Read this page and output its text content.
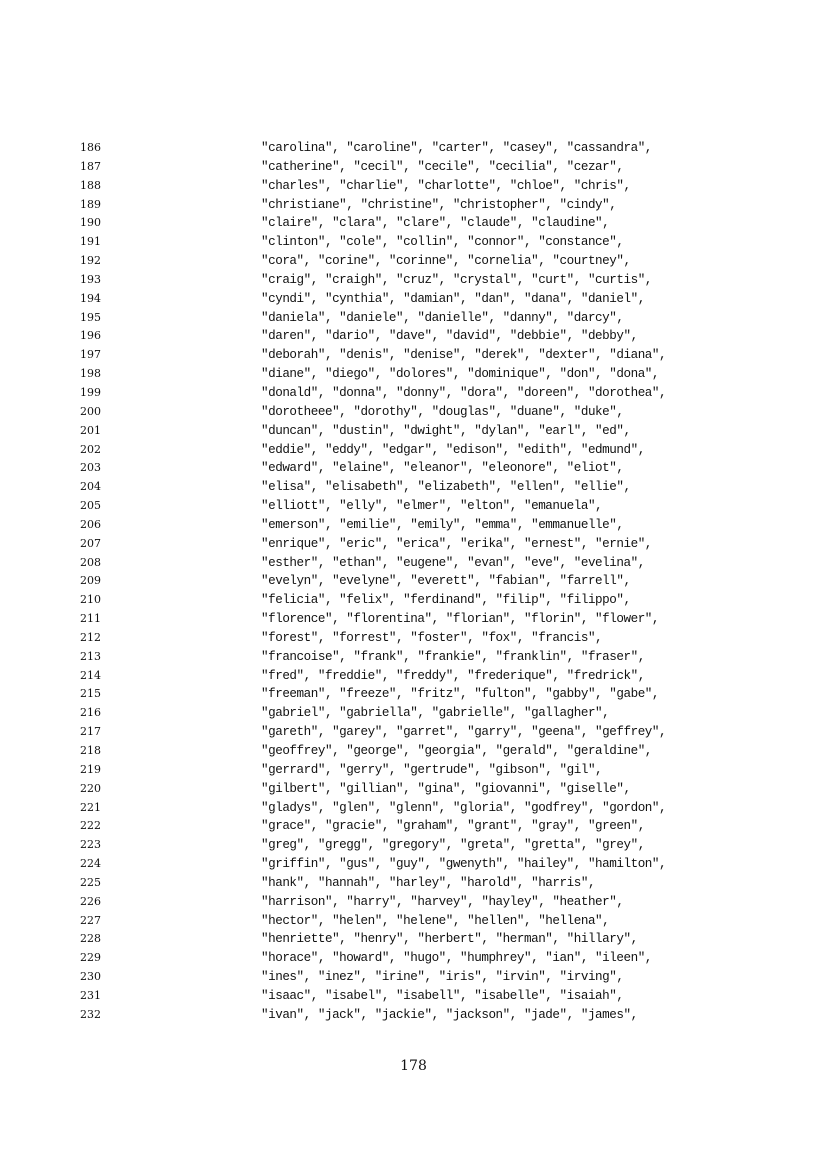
186	"carolina", "caroline", "carter", "casey", "cassandra",
187	"catherine", "cecil", "cecile", "cecilia", "cezar",
188	"charles", "charlie", "charlotte", "chloe", "chris",
189	"christiane", "christine", "christopher", "cindy",
190	"claire", "clara", "clare", "claude", "claudine",
191	"clinton", "cole", "collin", "connor", "constance",
192	"cora", "corine", "corinne", "cornelia", "courtney",
193	"craig", "craigh", "cruz", "crystal", "curt", "curtis",
194	"cyndi", "cynthia", "damian", "dan", "dana", "daniel",
195	"daniela", "daniele", "danielle", "danny", "darcy",
196	"daren", "dario", "dave", "david", "debbie", "debby",
197	"deborah", "denis", "denise", "derek", "dexter", "diana",
198	"diane", "diego", "dolores", "dominique", "don", "dona",
199	"donald", "donna", "donny", "dora", "doreen", "dorothea",
200	"dorotheee", "dorothy", "douglas", "duane", "duke",
201	"duncan", "dustin", "dwight", "dylan", "earl", "ed",
202	"eddie", "eddy", "edgar", "edison", "edith", "edmund",
203	"edward", "elaine", "eleanor", "eleonore", "eliot",
204	"elisa", "elisabeth", "elizabeth", "ellen", "ellie",
205	"elliott", "elly", "elmer", "elton", "emanuela",
206	"emerson", "emilie", "emily", "emma", "emmanuelle",
207	"enrique", "eric", "erica", "erika", "ernest", "ernie",
208	"esther", "ethan", "eugene", "evan", "eve", "evelina",
209	"evelyn", "evelyne", "everett", "fabian", "farrell",
210	"felicia", "felix", "ferdinand", "filip", "filippo",
211	"florence", "florentina", "florian", "florin", "flower",
212	"forest", "forrest", "foster", "fox", "francis",
213	"francoise", "frank", "frankie", "franklin", "fraser",
214	"fred", "freddie", "freddy", "frederique", "fredrick",
215	"freeman", "freeze", "fritz", "fulton", "gabby", "gabe",
216	"gabriel", "gabriella", "gabrielle", "gallagher",
217	"gareth", "garey", "garret", "garry", "geena", "geffrey",
218	"geoffrey", "george", "georgia", "gerald", "geraldine",
219	"gerrard", "gerry", "gertrude", "gibson", "gil",
220	"gilbert", "gillian", "gina", "giovanni", "giselle",
221	"gladys", "glen", "glenn", "gloria", "godfrey", "gordon",
222	"grace", "gracie", "graham", "grant", "gray", "green",
223	"greg", "gregg", "gregory", "greta", "gretta", "grey",
224	"griffin", "gus", "guy", "gwenyth", "hailey", "hamilton",
225	"hank", "hannah", "harley", "harold", "harris",
226	"harrison", "harry", "harvey", "hayley", "heather",
227	"hector", "helen", "helene", "hellen", "hellena",
228	"henriette", "henry", "herbert", "herman", "hillary",
229	"horace", "howard", "hugo", "humphrey", "ian", "ileen",
230	"ines", "inez", "irine", "iris", "irvin", "irving",
231	"isaac", "isabel", "isabell", "isabelle", "isaiah",
232	"ivan", "jack", "jackie", "jackson", "jade", "james",
178
